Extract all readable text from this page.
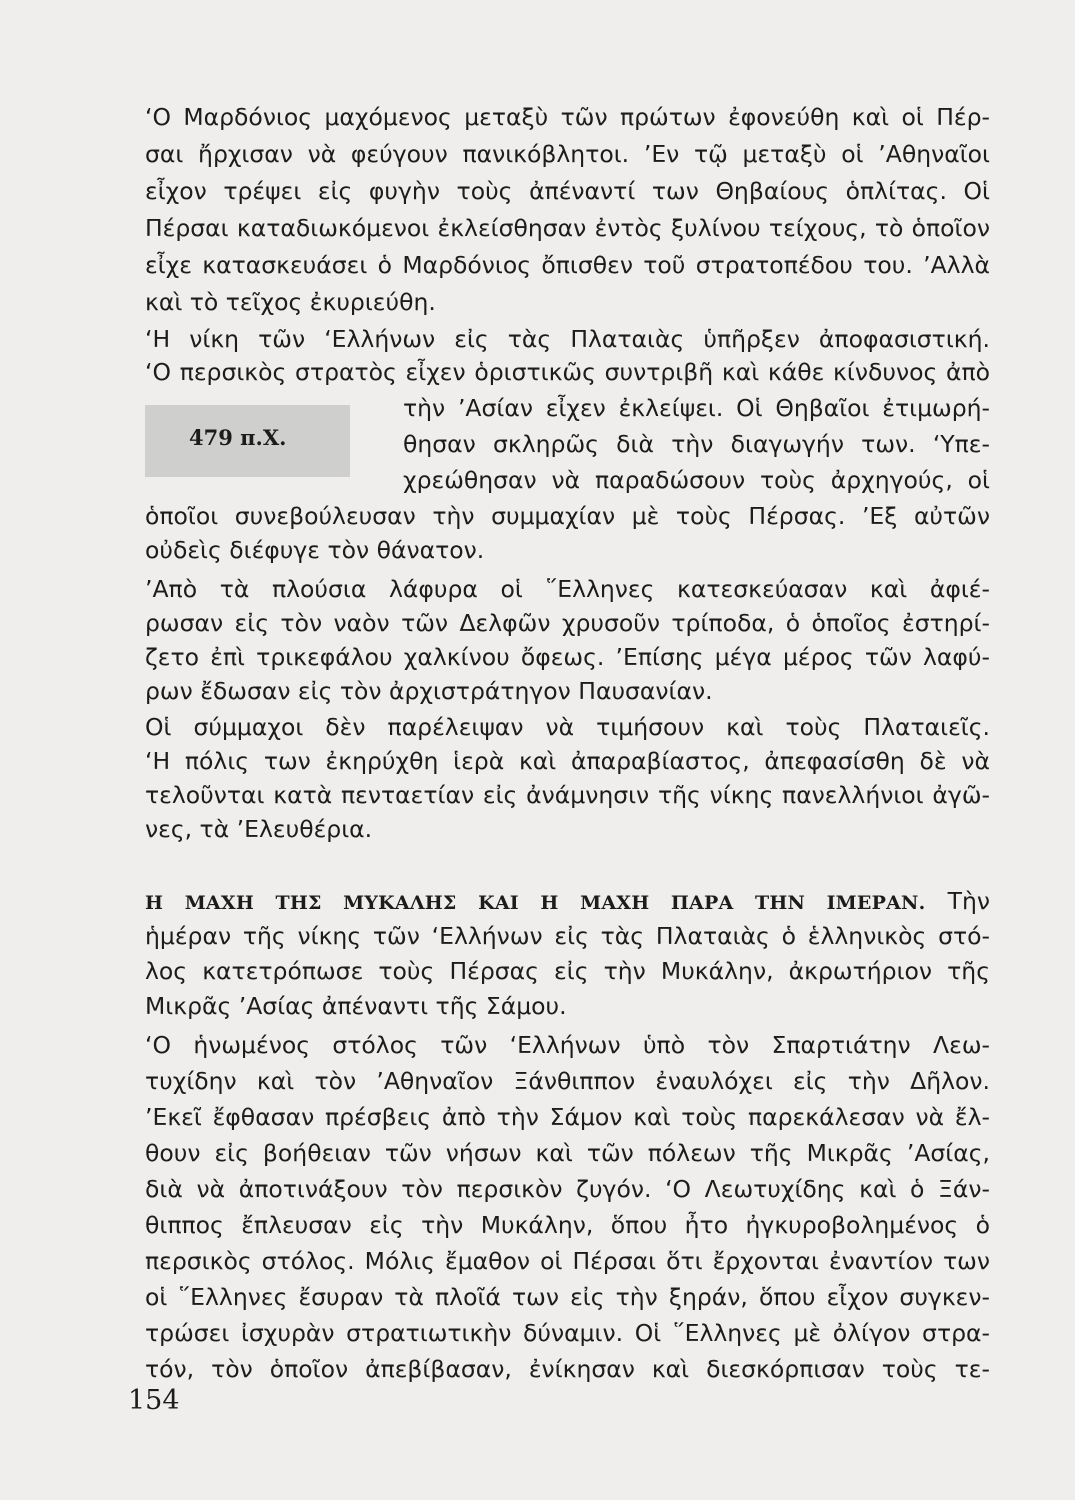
479 π.Χ.
‘Ο Μαρδόνιος μαχόμενος μεταξὺ τῶν πρώτων ἐφονεύθη καὶ οἱ Πέρ-
σαι ἤρχισαν νὰ φεύγουν πανικόβλητοι. ’Εν τῷ μεταξὺ οἱ ’Αθηναῖοι
εἶχον τρέψει εἰς φυγὴν τοὺς ἀπέναντί των Θηβαίους ὁπλίτας. Οἱ
Πέρσαι καταδιωκόμενοι ἐκλείσθησαν ἐντὸς ξυλίνου τείχους, τὸ ὁποῖον
εἶχε κατασκευάσει ὁ Μαρδόνιος ὄπισθεν τοῦ στρατοπέδου του. ’Αλλὰ
καὶ τὸ τεῖχος ἐκυριεύθη.
‘Η νίκη τῶν ‘Ελλήνων εἰς τὰς Πλαταιὰς ὑπῆρξεν ἀποφασιστική.
‘Ο περσικὸς στρατὸς εἶχεν ὁριστικῶς συντριβῆ καὶ κάθε κίνδυνος ἀπὸ
τὴν ’Ασίαν εἶχεν ἐκλείψει. Οἱ Θηβαῖοι ἐτιμωρή-
θησαν σκληρῶς διὰ τὴν διαγωγήν των. ‘Υπε-
χρεώθησαν νὰ παραδώσουν τοὺς ἀρχηγούς, οἱ
ὁποῖοι συνεβούλευσαν τὴν συμμαχίαν μὲ τοὺς Πέρσας. ’Εξ αὐτῶν
οὐδεὶς διέφυγε τὸν θάνατον.
’Απὸ τὰ πλούσια λάφυρα οἱ ῞Ελληνες κατεσκεύασαν καὶ ἀφιέ-
ρωσαν εἰς τὸν ναὸν τῶν Δελφῶν χρυσοῦν τρίποδα, ὁ ὁποῖος ἐστηρί-
ζετο ἐπὶ τρικεφάλου χαλκίνου ὄφεως. ’Επίσης μέγα μέρος τῶν λαφύ-
ρων ἔδωσαν εἰς τὸν ἀρχιστράτηγον Παυσανίαν.
Οἱ σύμμαχοι δὲν παρέλειψαν νὰ τιμήσουν καὶ τοὺς Πλαταιεῖς.
‘Η πόλις των ἐκηρύχθη ἱερὰ καὶ ἀπαραβίαστος, ἀπεφασίσθη δὲ νὰ
τελοῦνται κατὰ πενταετίαν εἰς ἀνάμνησιν τῆς νίκης πανελλήνιοι ἀγῶ-
νες, τὰ ’Ελευθέρια.
Η ΜΑΧΗ ΤΗΣ ΜΥΚΑΛΗΣ ΚΑΙ Η ΜΑΧΗ ΠΑΡΑ ΤΗΝ ΙΜΕΡΑΝ. Τὴν
ἡμέραν τῆς νίκης τῶν ‘Ελλήνων εἰς τὰς Πλαταιὰς ὁ ἑλληνικὸς στό-
λος κατετρόπωσε τοὺς Πέρσας εἰς τὴν Μυκάλην, ἀκρωτήριον τῆς
Μικρᾶς ’Ασίας ἀπέναντι τῆς Σάμου.
‘Ο ἡνωμένος στόλος τῶν ‘Ελλήνων ὑπὸ τὸν Σπαρτιάτην Λεω-
τυχίδην καὶ τὸν ’Αθηναῖον Ξάνθιππον ἐναυλόχει εἰς τὴν Δῆλον.
’Εκεῖ ἔφθασαν πρέσβεις ἀπὸ τὴν Σάμον καὶ τοὺς παρεκάλεσαν νὰ ἔλ-
θουν εἰς βοήθειαν τῶν νήσων καὶ τῶν πόλεων τῆς Μικρᾶς ’Ασίας,
διὰ νὰ ἀποτινάξουν τὸν περσικὸν ζυγόν. ‘Ο Λεωτυχίδης καὶ ὁ Ξάν-
θιππος ἔπλευσαν εἰς τὴν Μυκάλην, ὅπου ἦτο ἠγκυροβολημένος ὁ
περσικὸς στόλος. Μόλις ἔμαθον οἱ Πέρσαι ὅτι ἔρχονται ἐναντίον των
οἱ ῞Ελληνες ἔσυραν τὰ πλοῖά των εἰς τὴν ξηράν, ὅπου εἶχον συγκεν-
τρώσει ἰσχυρὰν στρατιωτικὴν δύναμιν. Οἱ ῞Ελληνες μὲ ὀλίγον στρα-
τόν, τὸν ὁποῖον ἀπεβίβασαν, ἐνίκησαν καὶ διεσκόρπισαν τοὺς τε-
154
